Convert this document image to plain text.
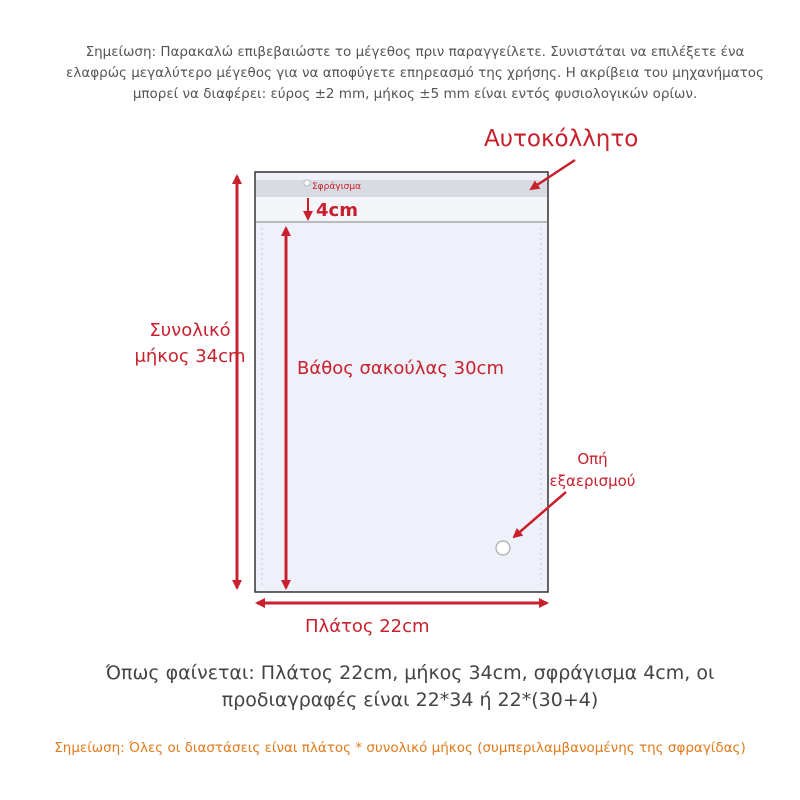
Σημείωση: Παρακαλώ επιβεβαιώστε το μέγεθος πριν παραγγείλετε. Συνιστάται να επιλέξετε ένα ελαφρώς μεγαλύτερο μέγεθος για να αποφύγετε επηρεασμό της χρήσης. Η ακρίβεια του μηχανήματος μπορεί να διαφέρει: εύρος ±2 mm, μήκος ±5 mm είναι εντός φυσιολογικών ορίων.
Αυτοκόλλητο
Σφράγισμα
4cm
Συνολικό μήκος 34cm
Βάθος σακούλας 30cm
Οπή εξαερισμού
Πλάτος 22cm
Όπως φαίνεται: Πλάτος 22cm, μήκος 34cm, σφράγισμα 4cm, οι προδιαγραφές είναι 22*34 ή 22*(30+4)
Σημείωση: Όλες οι διαστάσεις είναι πλάτος * συνολικό μήκος (συμπεριλαμβανομένης της σφραγίδας)
